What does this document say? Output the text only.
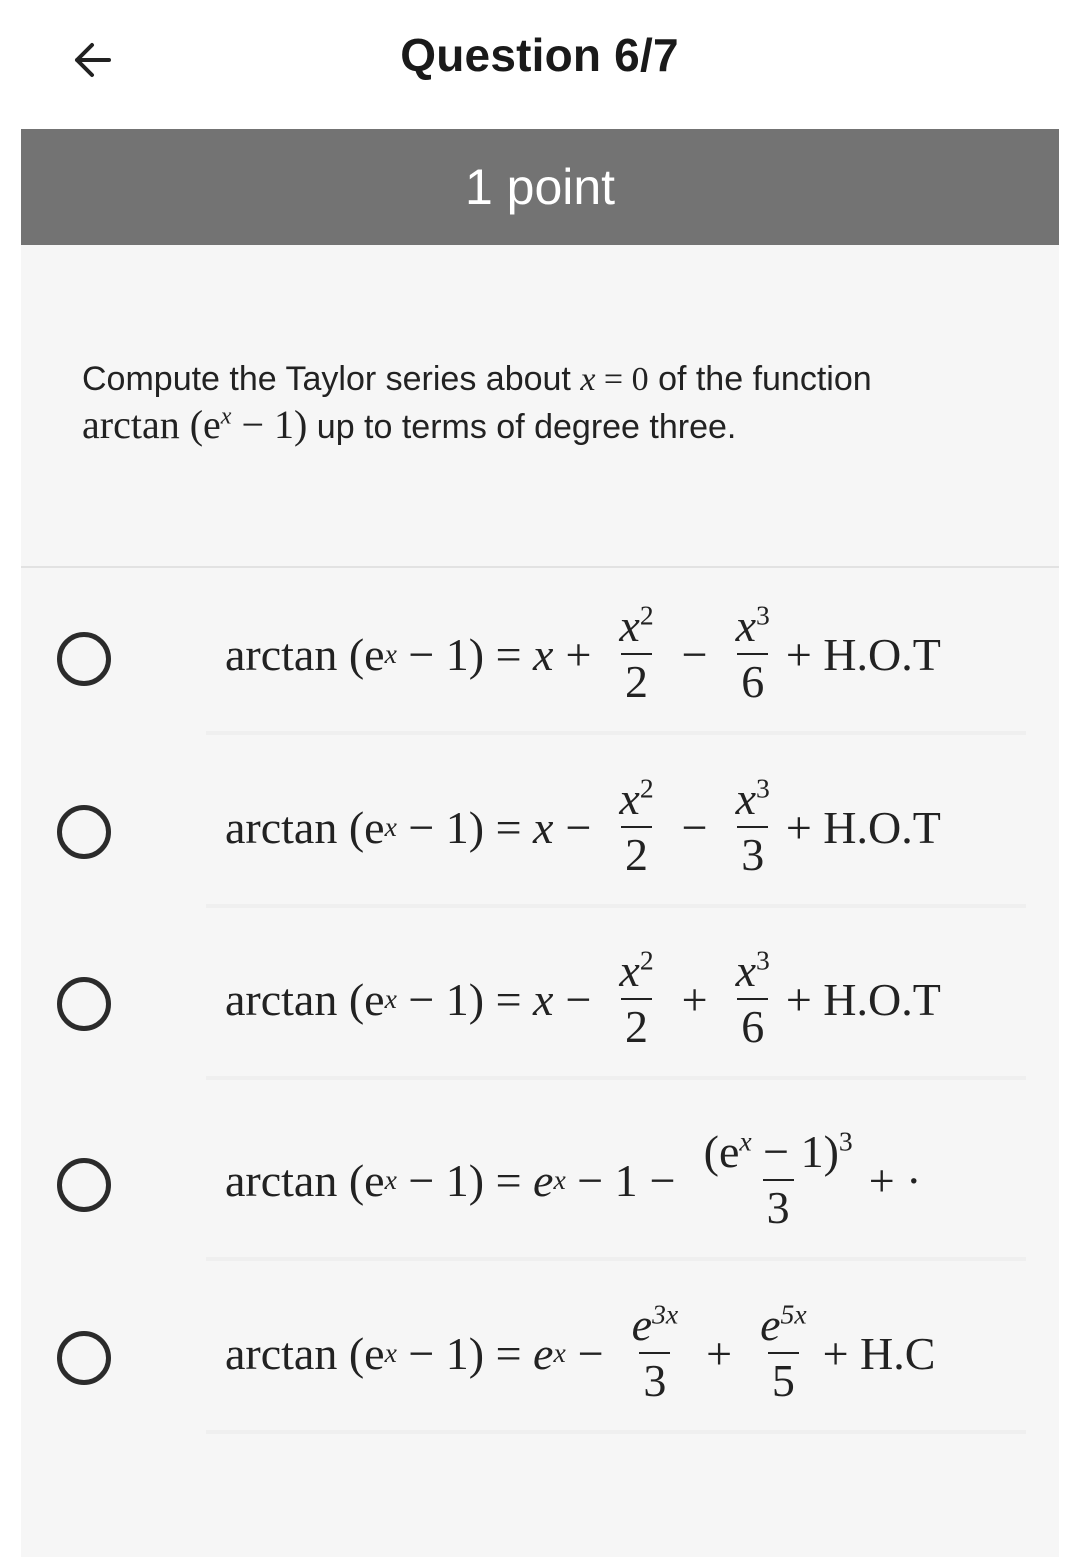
Question 6/7
1 point
Compute the Taylor series about x = 0 of the function
$\arctan (e^x - 1)$ up to terms of degree three.
arctan (e $x - 1) = x + \frac{x^2}{2} - \frac{x^3}{6} + H.O.T$
arctan (e $x - 1) = x - \frac{x^2}{2} - \frac{x^3}{3} + H.O.T$
arctan (e $x - 1) = x - \frac{x^2}{2} + \frac{x^3}{6} + H.O.T$
arctan (e x − 1) = e $x - 1 - \frac{(e^x - 1)^3}{3}$ + ·
arctan (e x − 1) = e $x - \frac{e^{3x}}{3} + \frac{e^{5x}}{5} + H.C$
